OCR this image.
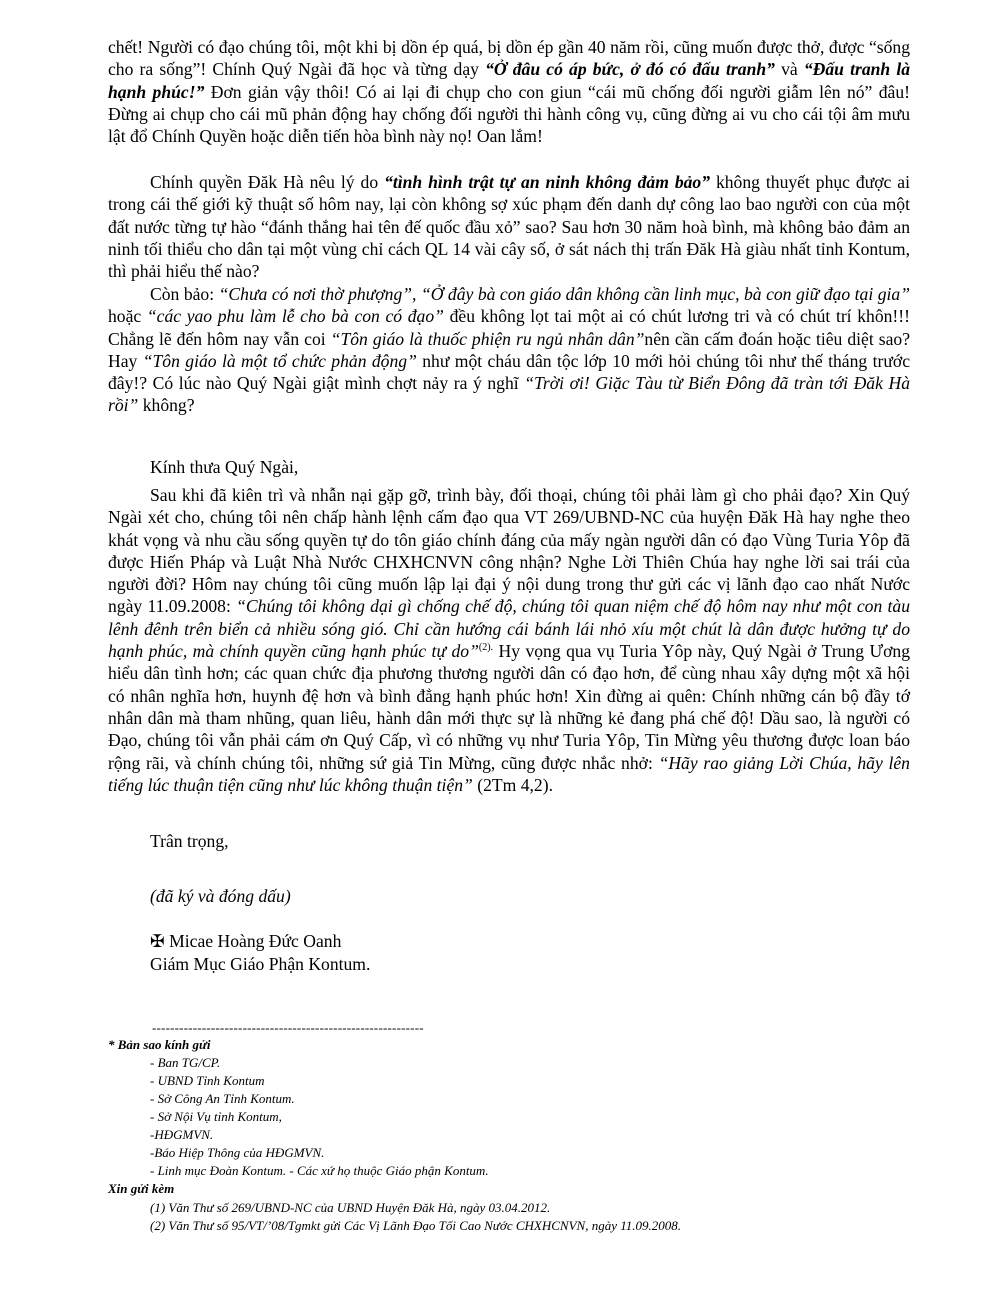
chết! Người có đạo chúng tôi, một khi bị dồn ép quá, bị dồn ép gần 40 năm rồi, cũng muốn được thở, được “sống cho ra sống”! Chính Quý Ngài đã học và từng dạy “Ở đâu có áp bức, ở đó có đấu tranh” và “Đấu tranh là hạnh phúc!” Đơn giản vậy thôi! Có ai lại đi chụp cho con giun “cái mũ chống đối người giẫm lên nó” đâu! Đừng ai chụp cho cái mũ phản động hay chống đối người thi hành công vụ, cũng đừng ai vu cho cái tội âm mưu lật đổ Chính Quyền hoặc diễn tiến hòa bình này nọ! Oan lắm!

Chính quyền Đăk Hà nêu lý do “tình hình trật tự an ninh không đảm bảo” không thuyết phục được ai trong cái thế giới kỹ thuật số hôm nay, lại còn không sợ xúc phạm đến danh dự công lao bao người con của một đất nước từng tự hào “đánh thắng hai tên đế quốc đầu xỏ” sao? Sau hơn 30 năm hoà bình, mà không bảo đảm an ninh tối thiểu cho dân tại một vùng chỉ cách QL 14 vài cây số, ở sát nách thị trấn Đăk Hà giàu nhất tỉnh Kontum, thì phải hiểu thế nào?

Còn bảo: “Chưa có nơi thờ phượng”, “Ở đây bà con giáo dân không cần linh mục, bà con giữ đạo tại gia” hoặc “các yao phu làm lễ cho bà con có đạo” đều không lọt tai một ai có chút lương tri và có chút trí khôn!!! Chẳng lẽ đến hôm nay vẫn coi “Tôn giáo là thuốc phiện ru ngủ nhân dân”nên cần cấm đoán hoặc tiêu diệt sao? Hay “Tôn giáo là một tổ chức phản động” như một cháu dân tộc lớp 10 mới hỏi chúng tôi như thế tháng trước đây!? Có lúc nào Quý Ngài giật mình chợt nảy ra ý nghĩ “Trời ơi! Giặc Tàu từ Biển Đông đã tràn tới Đăk Hà rồi” không?

Kính thưa Quý Ngài,

Sau khi đã kiên trì và nhẫn nại gặp gỡ, trình bày, đối thoại, chúng tôi phải làm gì cho phải đạo? Xin Quý Ngài xét cho, chúng tôi nên chấp hành lệnh cấm đạo qua VT 269/UBND-NC của huyện Đăk Hà hay nghe theo khát vọng và nhu cầu sống quyền tự do tôn giáo chính đáng của mấy ngàn người dân có đạo Vùng Turia Yôp đã được Hiến Pháp và Luật Nhà Nước CHXHCNVN công nhận? Nghe Lời Thiên Chúa hay nghe lời sai trái của người đời? Hôm nay chúng tôi cũng muốn lập lại đại ý nội dung trong thư gửi các vị lãnh đạo cao nhất Nước ngày 11.09.2008: “Chúng tôi không dại gì chống chế độ, chúng tôi quan niệm chế độ hôm nay như một con tàu lênh đênh trên biển cả nhiều sóng gió. Chỉ cần hướng cái bánh lái nhỏ xíu một chút là dân được hưởng tự do hạnh phúc, mà chính quyền cũng hạnh phúc tự do”$^{(2).}$ Hy vọng qua vụ Turia Yôp này, Quý Ngài ở Trung Ương hiểu dân tình hơn; các quan chức địa phương thương người dân có đạo hơn, để cùng nhau xây dựng một xã hội có nhân nghĩa hơn, huynh đệ hơn và bình đẳng hạnh phúc hơn! Xin đừng ai quên: Chính những cán bộ đầy tớ nhân dân mà tham nhũng, quan liêu, hành dân mới thực sự là những kẻ đang phá chế độ! Dầu sao, là người có Đạo, chúng tôi vẫn phải cám ơn Quý Cấp, vì có những vụ như Turia Yôp, Tin Mừng yêu thương được loan báo rộng rãi, và chính chúng tôi, những sứ giả Tin Mừng, cũng được nhắc nhở: “Hãy rao giảng Lời Chúa, hãy lên tiếng lúc thuận tiện cũng như lúc không thuận tiện” (2Tm 4,2).

Trân trọng,
(đã ký và đóng dấu)
✠ Micae Hoàng Đức Oanh
Giám Mục Giáo Phận Kontum.
------------------------------------------------------------
* Bản sao kính gửi
- Ban TG/CP.
- UBND Tỉnh Kontum
- Sở Công An Tỉnh Kontum.
- Sở Nội Vụ tỉnh Kontum,
-HĐGMVN.
-Báo Hiệp Thông của HĐGMVN.
- Linh mục Đoàn Kontum. - Các xứ họ thuộc Giáo phận Kontum.
Xin gửi kèm
(1) Văn Thư số 269/UBND-NC của UBND Huyện Đăk Hà, ngày 03.04.2012.
(2) Văn Thư số 95/VT/’08/Tgmkt gửi Các Vị Lãnh Đạo Tối Cao Nước CHXHCNVN, ngày 11.09.2008.
